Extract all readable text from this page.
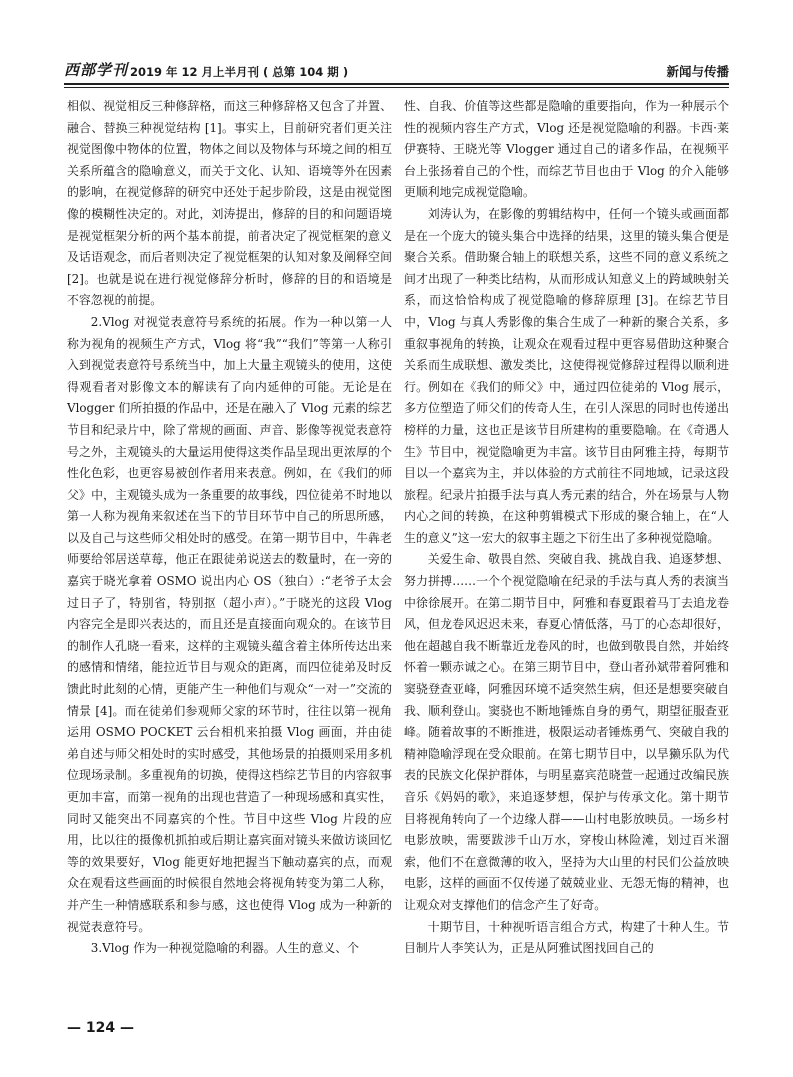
西部学刊 2019 年 12 月上半月刊 ( 总第 104 期 )	新闻与传播

相似、视觉相反三种修辞格，而这三种修辞格又包含了并置、融合、替换三种视觉结构 [1]。事实上，目前研究者们更关注视觉图像中物体的位置，物体之间以及物体与环境之间的相互关系所蕴含的隐喻意义，而关于文化、认知、语境等外在因素的影响，在视觉修辞的研究中还处于起步阶段，这是由视觉图像的模糊性决定的。对此，刘涛提出，修辞的目的和问题语境是视觉框架分析的两个基本前提，前者决定了视觉框架的意义及话语观念，而后者则决定了视觉框架的认知对象及阐释空间 [2]。也就是说在进行视觉修辞分析时，修辞的目的和语境是不容忽视的前提。

2.Vlog 对视觉表意符号系统的拓展。作为一种以第一人称为视角的视频生产方式，Vlog 将“我”“我们”等第一人称引入到视觉表意符号系统当中，加上大量主观镜头的使用，这使得观看者对影像文本的解读有了向内延伸的可能。无论是在 Vlogger 们所拍摄的作品中，还是在融入了 Vlog 元素的综艺节目和纪录片中，除了常规的画面、声音、影像等视觉表意符号之外，主观镜头的大量运用使得这类作品呈现出更浓厚的个性化色彩，也更容易被创作者用来表意。例如，在《我们的师父》中，主观镜头成为一条重要的故事线，四位徒弟不时地以第一人称为视角来叙述在当下的节目环节中自己的所思所感，以及自己与这些师父相处时的感受。在第一期节目中，牛犇老师要给邻居送草莓，他正在跟徒弟说送去的数量时，在一旁的嘉宾于晓光拿着 OSMO 说出内心 OS（独白）:“老爷子太会过日子了，特别省，特别抠（超小声）。”于晓光的这段 Vlog 内容完全是即兴表达的，而且还是直接面向观众的。在该节目的制作人孔晓一看来，这样的主观镜头蕴含着主体所传达出来的感情和情绪，能拉近节目与观众的距离，而四位徒弟及时反馈此时此刻的心情，更能产生一种他们与观众“一对一”交流的情景 [4]。而在徒弟们参观师父家的环节时，往往以第一视角运用 OSMO POCKET 云台相机来拍摄 Vlog 画面，并由徒弟自述与师父相处时的实时感受，其他场景的拍摄则采用多机位现场录制。多重视角的切换，使得这档综艺节目的内容叙事更加丰富，而第一视角的出现也营造了一种现场感和真实性，同时又能突出不同嘉宾的个性。节目中这些 Vlog 片段的应用，比以往的摄像机抓拍或后期让嘉宾面对镜头来做访谈回忆等的效果要好，Vlog 能更好地把握当下触动嘉宾的点，而观众在观看这些画面的时候很自然地会将视角转变为第二人称，并产生一种情感联系和参与感，这也使得 Vlog 成为一种新的视觉表意符号。

3.Vlog 作为一种视觉隐喻的利器。人生的意义、个

性、自我、价值等这些都是隐喻的重要指向，作为一种展示个性的视频内容生产方式，Vlog 还是视觉隐喻的利器。卡西·莱伊赛特、王晓光等 Vlogger 通过自己的诸多作品，在视频平台上张扬着自己的个性，而综艺节目也由于 Vlog 的介入能够更顺利地完成视觉隐喻。

刘涛认为，在影像的剪辑结构中，任何一个镜头或画面都是在一个庞大的镜头集合中选择的结果，这里的镜头集合便是聚合关系。借助聚合轴上的联想关系，这些不同的意义系统之间才出现了一种类比结构，从而形成认知意义上的跨域映射关系，而这恰恰构成了视觉隐喻的修辞原理 [3]。在综艺节目中，Vlog 与真人秀影像的集合生成了一种新的聚合关系，多重叙事视角的转换，让观众在观看过程中更容易借助这种聚合关系而生成联想、激发类比，这使得视觉修辞过程得以顺利进行。例如在《我们的师父》中，通过四位徒弟的 Vlog 展示，多方位塑造了师父们的传奇人生，在引人深思的同时也传递出榜样的力量，这也正是该节目所建构的重要隐喻。在《奇遇人生》节目中，视觉隐喻更为丰富。该节目由阿雅主持，每期节目以一个嘉宾为主，并以体验的方式前往不同地域，记录这段旅程。纪录片拍摄手法与真人秀元素的结合，外在场景与人物内心之间的转换，在这种剪辑模式下形成的聚合轴上，在“人生的意义”这一宏大的叙事主题之下衍生出了多种视觉隐喻。

关爱生命、敬畏自然、突破自我、挑战自我、追逐梦想、努力拼搏……一个个视觉隐喻在纪录的手法与真人秀的表演当中徐徐展开。在第二期节目中，阿雅和春夏跟着马丁去追龙卷风，但龙卷风迟迟未来，春夏心情低落，马丁的心态却很好，他在超越自我不断靠近龙卷风的时，也做到敬畏自然，并始终怀着一颗赤诚之心。在第三期节目中，登山者孙斌带着阿雅和窦骁登查亚峰，阿雅因环境不适突然生病，但还是想要突破自我、顺利登山。窦骁也不断地锤炼自身的勇气，期望征服查亚峰。随着故事的不断推进，极限运动者锤炼勇气、突破自我的精神隐喻浮现在受众眼前。在第七期节目中，以旱獭乐队为代表的民族文化保护群体，与明星嘉宾范晓萱一起通过改编民族音乐《妈妈的歌》，来追逐梦想，保护与传承文化。第十期节目将视角转向了一个边缘人群——山村电影放映员。一场乡村电影放映，需要跋涉千山万水，穿梭山林险滩，划过百米溜索，他们不在意微薄的收入，坚持为大山里的村民们公益放映电影，这样的画面不仅传递了兢兢业业、无怨无悔的精神，也让观众对支撑他们的信念产生了好奇。

十期节目，十种视听语言组合方式，构建了十种人生。节目制片人李笑认为，正是从阿雅试图找回自己的

— 124 —
